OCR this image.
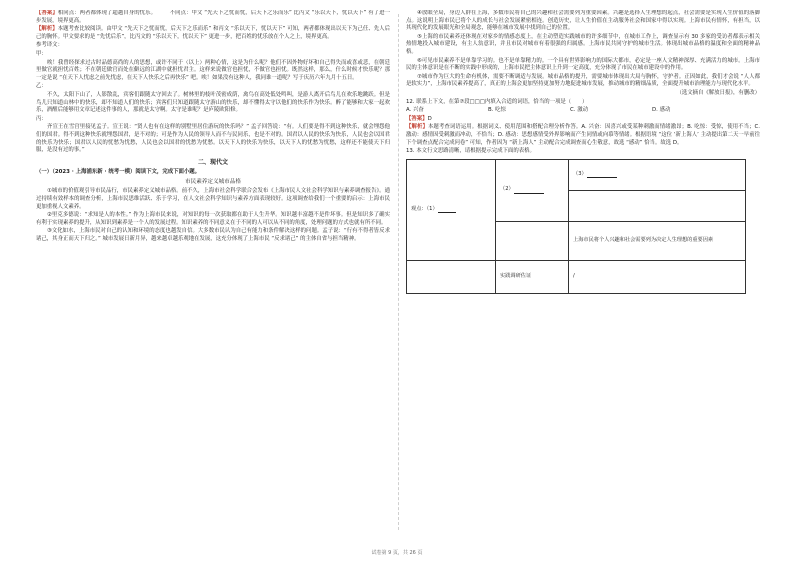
【答案】相同点：两者都体现了超越自身的忧乐。　　　不同点：甲文 “先天下之忧而忧，后天下之乐而乐” 比丙文 “乐以天下，忧以天下” 有了进一步发展，境界更高。

【解析】本题考查比较阅读。由甲文 “先天下之忧而忧，后天下之乐而乐” 和丙文 “乐以天下，忧以天下” 可知，两者都体现出以天下为己任、先人后己的胸怀。甲文要求的是 “先忧后乐”，比丙文的 “乐以天下，忧以天下” 更进一步，把百姓的忧乐放在个人之上，境界更高。

参考译文：

甲：

唉！我曾经探求过古时品德高尚的人的思想，或许不同于（以上）两种心情，这是为什么呢？他们不因外物好坏和自己得失而或喜或悲，在朝廷里做官就担忧百姓；不在朝廷做官而处在僻远的江湖中就担忧君主。这样来说做官也担忧，不做官也担忧。既然这样，那么，什么时候才快乐呢？那一定是说 “在天下人忧虑之前先忧虑，在天下人快乐之后再快乐” 吧。唉！如果没有这种人，我同谁一道呢？写于庆历六年九月十五日。

乙：

不久，太阳下山了，人影散乱，宾客们跟随太守回去了。树林里的枝叶茂密成荫，禽鸟在高处低处鸣叫，是游人离开后鸟儿在欢乐地跳跃。但是鸟儿只知道山林中的快乐，却不知道人们的快乐；宾客们只知道跟随太守游山的快乐，却不懂得太守以他们的快乐作为快乐。醉了能够和大家一起欢乐，酒醒后能够用文章记述这件事的人，那就是太守啊。太守是谁呢？是庐陵欧阳修。

丙：

齐宣王在雪宫里接见孟子。宣王说：“贤人也有在这样的别墅里居住游玩的快乐吗？” 孟子回答说：“有。人们要是得不到这种快乐，就会埋怨他们的国君。得不到这种快乐就埋怨国君，是不对的；可是作为人民的领导人而不与民同乐，也是不对的。国君以人民的快乐为快乐，人民也会以国君的快乐为快乐；国君以人民的忧愁为忧愁，人民也会以国君的忧愁为忧愁。以天下人的快乐为快乐，以天下人的忧愁为忧愁，这样还不能使天下归服，是没有过的事。”

二、现代文

（一）（2023 · 上海浦东新 · 统考一模）阅读下文，完成下面小题。

市民素养定义城市品格

①城市的价值观引导市民品行，市民素养定义城市品格。前不久，上海市社会科学联合会发布《上海市民人文社会科学知识与素养调查报告》。通过持续有效样本的调查分析，上海市民思维活跃、乐于学习，在人文社会科学知识与素养方面表现较好。这项调查给我们一个重要的启示：上海市民更加重视人文素养。

②里克多德说：“求知是人的本性。” 作为上海市民来说，对知识的每一次获取都在助于人生升华。知识越丰富越不是件坏事。但是知识多了确实有利于实现素养的提升，从知识到素养是一个人的发展过程。知识素养的不同意义在于不同的人可以从不同的角度，处理问题的方式也就有所不同。

③文化如水，上海市民对自己的认知和环境的态度也越发自信。大多数市民认为自己有能力和条件解决这样的问题。孟子说：“行有不得者皆反求诸己，其身正而天下归之。” 城市发展日新月异，越来越卓越乐观地在发展，这充分体现了上海市民 “反求诸己” 的主体自省与担当精神。

④放眼全局，身边人群在上海，多数市民将自己的兴趣和社会需要列为重要因素。兴趣是选择人生理想的起点，社会需要是实现人生价值的落脚点。这说明上海市民已将个人的成长与社会发展紧密相连。创造历史，让人生价值在主动服务社会和国家中得以实现。上海市民有情怀，有担当，以其现代化的发展眼光和全局观念，能够在城市发展中找到自己的位置。

⑤上海的市民素养还体现在对家乡的情感态度上，在主动塑造实践城市的许多细节中，在城市工作上，调查显示有 30 多家的受访者都表示相关热情地投入城市建设，有主人翁意识，并且市民对城市有着很强的归属感。上海市民共同守护的城市生活。体现出城市品格的温度和全面的精神品格。

⑥可见市民素养不是单靠学习的。也不是单靠精力的。一个具有世界影响力的国际大都市，必定是一座人文精神深厚、充满活力的城市。上海市民的主体意识是在不断的实践中形成的，上海市民把主体意识上升到一定高度，充分体现了市民在城市建设中的作用。

⑦城市作为巨大的生命有机体，需要不断调适与发展。城市品格的提升，需要城市体现出大局与胸怀，守护者。正因如此，我们才会说 “人人都是软实力”，上海市民素养提高了，真正的上海会更加坚持更加努力地促进城市发展，推动城市的精细品质，全面提升城市治理能力与现代化水平。

（选文摘自《解放日报》，有删改）

12. 联系上下文，在第⑦段□□□内填入合适的词语，恰当的一项是（　　）

A. 兴奋	B. 吃惊	C. 激动	D. 感动

【答案】D

【解析】本题考查词语运用。根据词义、使用范围和搭配合理分析作答。A. 兴奋：因喜兴或受某种刺激而情绪激昂；B. 吃惊：受惊，使用不当；C. 激动：感情因受刺激而冲动，不恰当；D. 感动：思想感情受外界影响而产生同情或向慕等情绪。根据语境 “这位 ‘新上海人’ 主动提出第二天一早前往下个调查点配合完成问卷” 可知，作者因为 “新上海人” 主动配合完成调查而心生敬意，故选 “感动” 恰当。故选 D。

13. 本文行文思路清晰，请根据提示完成下面的表格。

观点：（1）	（2）	（3）

		上海市民将个人兴趣和社会需要列为决定人生理想的重要因素
	实践调研佐证	/
试卷第 9 页，共 26 页
